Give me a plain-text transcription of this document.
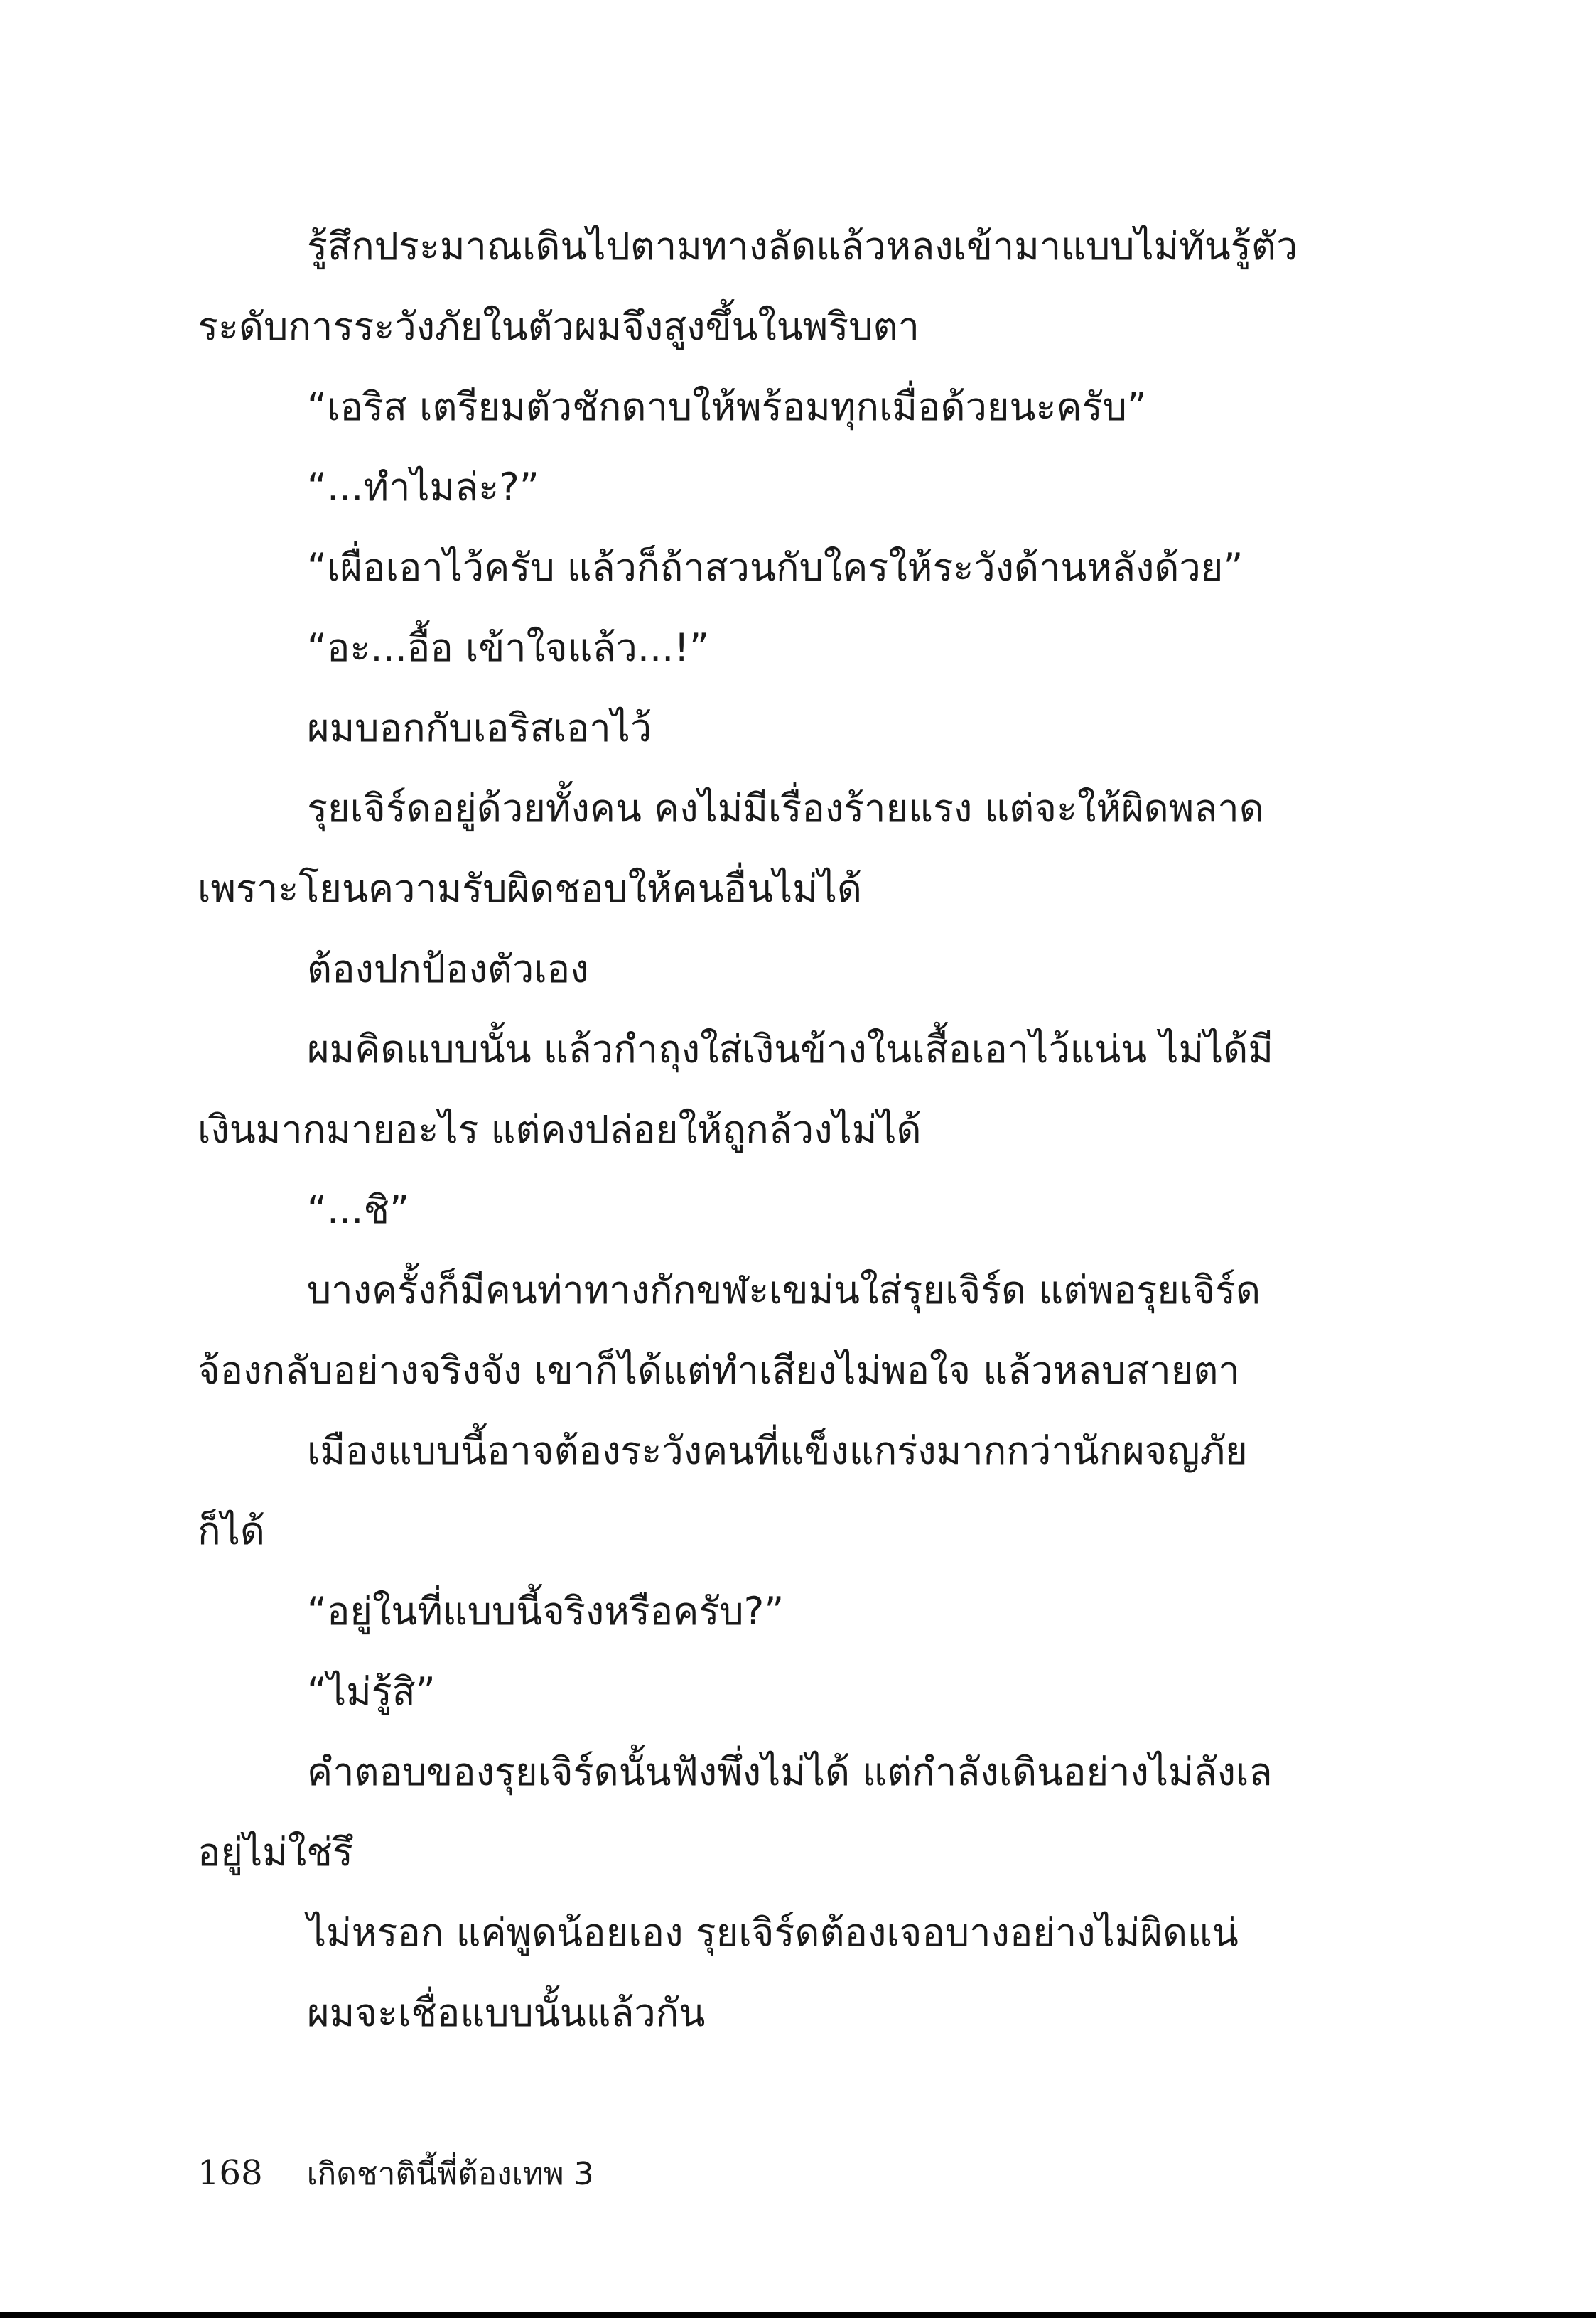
รู้สึกประมาณเดินไปตามทางลัดแล้วหลงเข้ามาแบบไม่ทันรู้ตัว ระดับการระวังภัยในตัวผมจึงสูงขึ้นในพริบตา

“เอริส เตรียมตัวชักดาบให้พร้อมทุกเมื่อด้วยนะครับ”

“...ทำไมล่ะ?”

“เผื่อเอาไว้ครับ แล้วก็ถ้าสวนกับใครให้ระวังด้านหลังด้วย”

“อะ...อื้อ เข้าใจแล้ว...!”

ผมบอกกับเอริสเอาไว้

รุยเจิร์ดอยู่ด้วยทั้งคน คงไม่มีเรื่องร้ายแรง แต่จะให้ผิดพลาดเพราะโยนความรับผิดชอบให้คนอื่นไม่ได้

ต้องปกป้องตัวเอง

ผมคิดแบบนั้น แล้วกำถุงใส่เงินข้างในเสื้อเอาไว้แน่น ไม่ได้มีเงินมากมายอะไร แต่คงปล่อยให้ถูกล้วงไม่ได้

“...ชิ”

บางครั้งก็มีคนท่าทางกักขฬะเขม่นใส่รุยเจิร์ด แต่พอรุยเจิร์ดจ้องกลับอย่างจริงจัง เขาก็ได้แต่ทำเสียงไม่พอใจ แล้วหลบสายตา

เมืองแบบนี้อาจต้องระวังคนที่แข็งแกร่งมากกว่านักผจญภัยก็ได้

“อยู่ในที่แบบนี้จริงหรือครับ?”

“ไม่รู้สิ”

คำตอบของรุยเจิร์ดนั้นฟังพึ่งไม่ได้ แต่กำลังเดินอย่างไม่ลังเลอยู่ไม่ใช่รึ

ไม่หรอก แค่พูดน้อยเอง รุยเจิร์ดต้องเจอบางอย่างไม่ผิดแน่

ผมจะเชื่อแบบนั้นแล้วกัน

168 เกิดชาตินี้พี่ต้องเทพ 3
